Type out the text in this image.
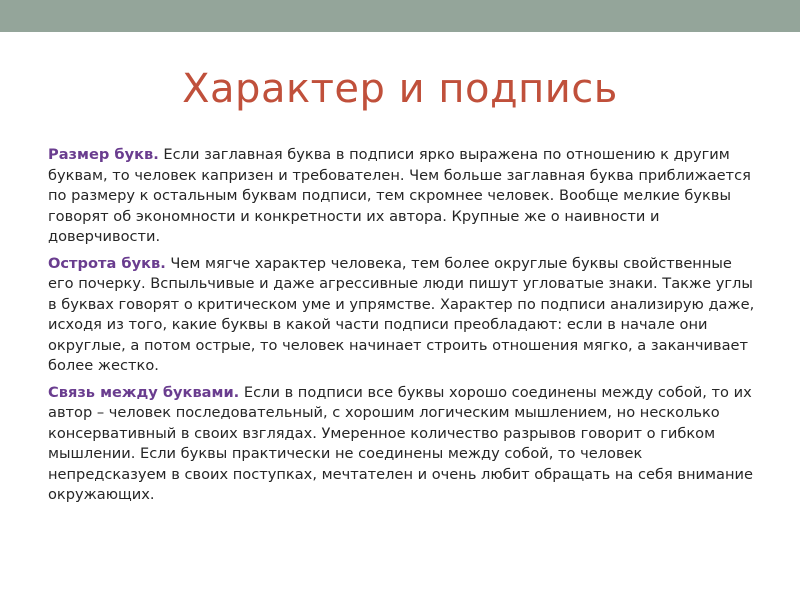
Характер и подпись

Размер букв. Если заглавная буква в подписи ярко выражена по отношению к другим буквам, то человек капризен и требователен. Чем больше заглавная буква приближается по размеру к остальным буквам подписи, тем скромнее человек. Вообще мелкие буквы говорят об экономности и конкретности их автора. Крупные же о наивности и доверчивости.

Острота букв. Чем мягче характер человека, тем более округлые буквы свойственные его почерку. Вспыльчивые и даже агрессивные люди пишут угловатые знаки. Также углы в буквах говорят о критическом уме и упрямстве. Характер по подписи анализирую даже, исходя из того, какие буквы в какой части подписи преобладают: если в начале они округлые, а потом острые, то человек начинает строить отношения мягко, а заканчивает более жестко.

Связь между буквами. Если в подписи все буквы хорошо соединены между собой, то их автор – человек последовательный, с хорошим логическим мышлением, но несколько консервативный в своих взглядах. Умеренное количество разрывов говорит о гибком мышлении. Если буквы практически не соединены между собой, то человек непредсказуем в своих поступках, мечтателен и очень любит обращать на себя внимание окружающих.
